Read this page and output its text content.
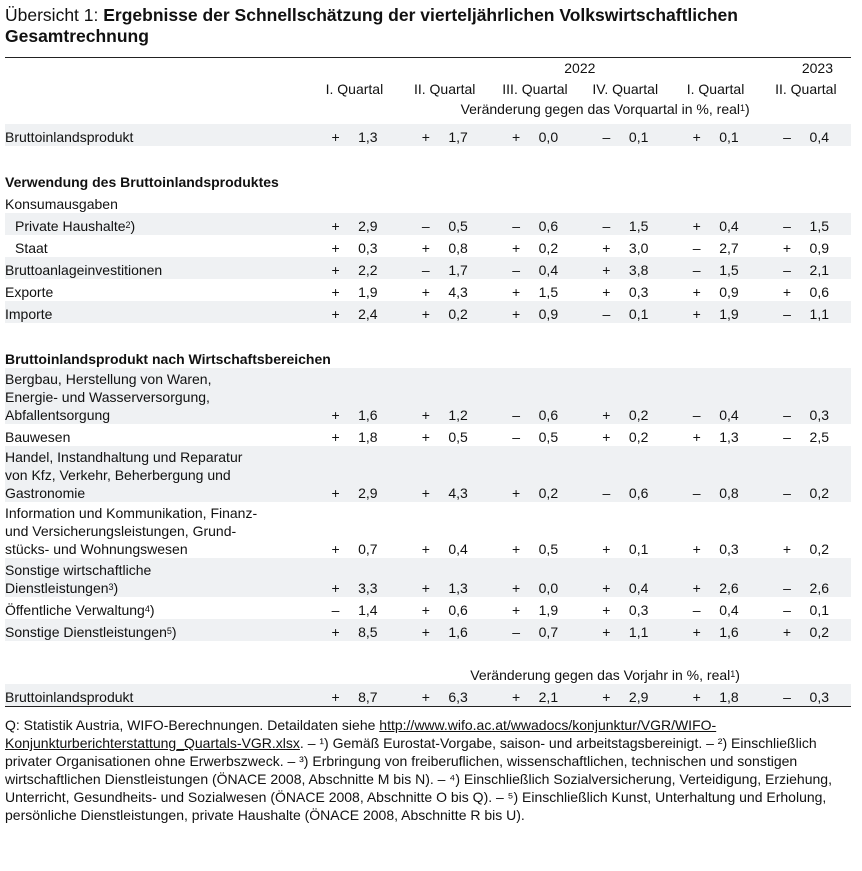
Übersicht 1: Ergebnisse der Schnellschätzung der vierteljährlichen Volkswirtschaftlichen Gesamtrechnung
	2022				2023	
	I. Quartal	II. Quartal	III. Quartal	IV. Quartal	I. Quartal	II. Quartal
	Veränderung gegen das Vorquartal in %, real$^1$)					

Bruttoinlandsprodukt	+ 1,3	+ 1,7	+ 0,0	– 0,1	+ 0,1	– 0,4

Verwendung des Bruttoinlandsproduktes						
Konsumausgaben						
Private Haushalte$^2$)	+ 2,9	– 0,5	– 0,6	– 1,5	+ 0,4	– 1,5

Staat	+ 0,3	+ 0,8	+ 0,2	+ 3,0	– 2,7	+ 0,9

Bruttoanlageinvestitionen	+ 2,2	– 1,7	– 0,4	+ 3,8	– 1,5	– 2,1

Exporte	+ 1,9	+ 4,3	+ 1,5	+ 0,3	+ 0,9	+ 0,6

Importe	+ 2,4	+ 0,2	+ 0,9	– 0,1	+ 1,9	– 1,1

Bruttoinlandsprodukt nach Wirtschaftsbereichen						
Bergbau, Herstellung von Waren,
Energie- und Wasserversorgung,
Abfallentsorgung	+ 1,6	+ 1,2	– 0,6	+ 0,2	– 0,4	– 0,3

Bauwesen	+ 1,8	+ 0,5	– 0,5	+ 0,2	+ 1,3	– 2,5

Handel, Instandhaltung und Reparatur
von Kfz, Verkehr, Beherbergung und
Gastronomie	+ 2,9	+ 4,3	+ 0,2	– 0,6	– 0,8	– 0,2

Information und Kommunikation, Finanz-
und Versicherungsleistungen, Grund-
stücks- und Wohnungswesen	+ 0,7	+ 0,4	+ 0,5	+ 0,1	+ 0,3	+ 0,2

Sonstige wirtschaftliche
Dienstleistungen$^3$)	+ 3,3	+ 1,3	+ 0,0	+ 0,4	+ 2,6	– 2,6

Öffentliche Verwaltung$^4$)	– 1,4	+ 0,6	+ 1,9	+ 0,3	– 0,4	– 0,1

Sonstige Dienstleistungen$^5$)	+ 8,5	+ 1,6	– 0,7	+ 1,1	+ 1,6	+ 0,2

	Veränderung gegen das Vorjahr in %, real$^1$)					
Bruttoinlandsprodukt	+ 8,7	+ 6,3	+ 2,1	+ 2,9	+ 1,8	– 0,3
Q: Statistik Austria, WIFO-Berechnungen. Detaildaten siehe http://www.wifo.ac.at/wwadocs/konjunktur/VGR/WIFO-Konjunkturberichterstattung_Quartals-VGR.xlsx. – ¹) Gemäß Eurostat-Vorgabe, saison- und arbeitstagsbereinigt. – ²) Einschließlich privater Organisationen ohne Erwerbszweck. – ³) Erbringung von freiberuflichen, wissenschaftlichen, technischen und sonstigen wirtschaftlichen Dienstleistungen (ÖNACE 2008, Abschnitte M bis N). – ⁴) Einschließlich Sozialversicherung, Verteidigung, Erziehung, Unterricht, Gesundheits- und Sozialwesen (ÖNACE 2008, Abschnitte O bis Q). – ⁵) Einschließlich Kunst, Unterhaltung und Erholung, persönliche Dienstleistungen, private Haushalte (ÖNACE 2008, Abschnitte R bis U).
